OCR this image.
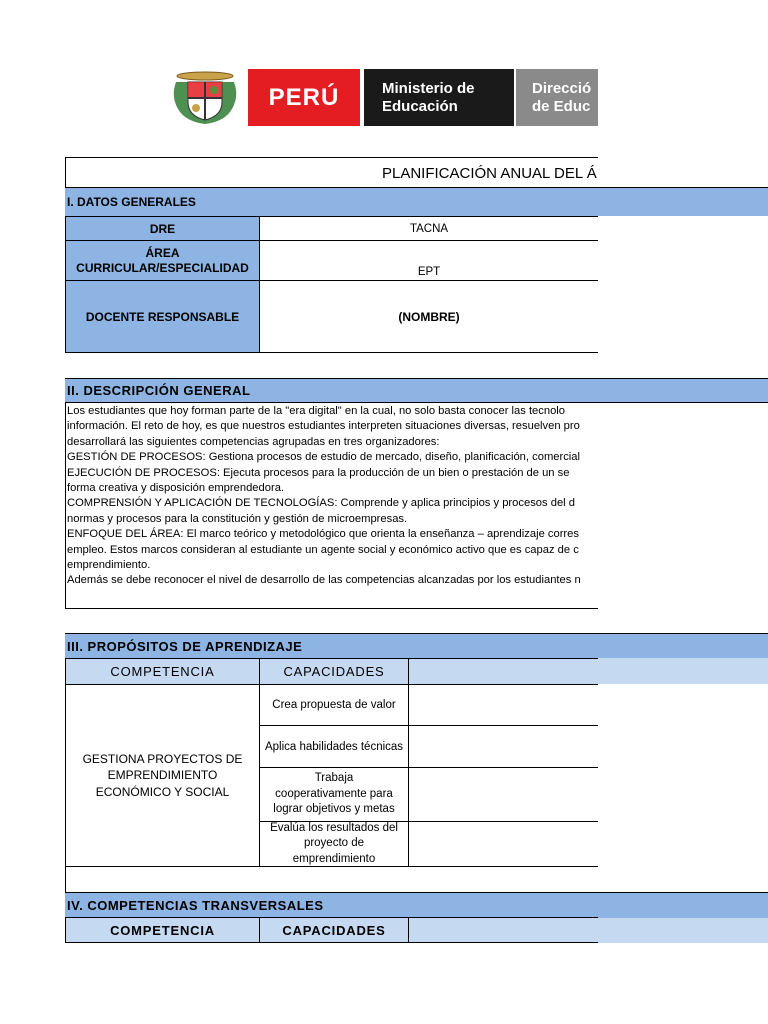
PERÚ	Ministerio de
Educación
Direcció
de Educ
I. DATOS GENERALES
II. DESCRIPCIÓN GENERAL
III. PROPÓSITOS DE APRENDIZAJE
IV. COMPETENCIAS TRANSVERSALES
PLANIFICACIÓN ANUAL DEL Á
DRE	TACNA
ÁREA CURRICULAR/ESPECIALIDAD	EPT
DOCENTE RESPONSABLE	(NOMBRE)
Los estudiantes que hoy forman parte de la "era digital" en la cual, no solo basta conocer las tecnolo
información. El reto de hoy, es que nuestros estudiantes interpreten situaciones diversas, resuelven pro
desarrollará las siguientes competencias agrupadas en tres organizadores:
GESTIÓN DE PROCESOS: Gestiona procesos de estudio de mercado, diseño, planificación, comercial
EJECUCIÓN DE PROCESOS: Ejecuta procesos para la producción de un bien o prestación de un se
forma creativa y disposición emprendedora.
COMPRENSIÓN Y APLICACIÓN DE TECNOLOGÍAS: Comprende y aplica principios y procesos del d
normas y procesos para la constitución y gestión de microempresas.
ENFOQUE DEL ÁREA: El marco teórico y metodológico que orienta la enseñanza – aprendizaje corres
empleo. Estos marcos consideran al estudiante un agente social y económico activo que es capaz de c
emprendimiento.
Además se debe reconocer el nivel de desarrollo de las competencias alcanzadas por los estudiantes n
COMPETENCIA	CAPACIDADES
GESTIONA PROYECTOS DE EMPRENDIMIENTO ECONÓMICO Y SOCIAL
Crea propuesta de valor
Aplica habilidades técnicas
Trabaja cooperativamente para lograr objetivos y metas
Evalúa los resultados del proyecto de emprendimiento
COMPETENCIA	CAPACIDADES
